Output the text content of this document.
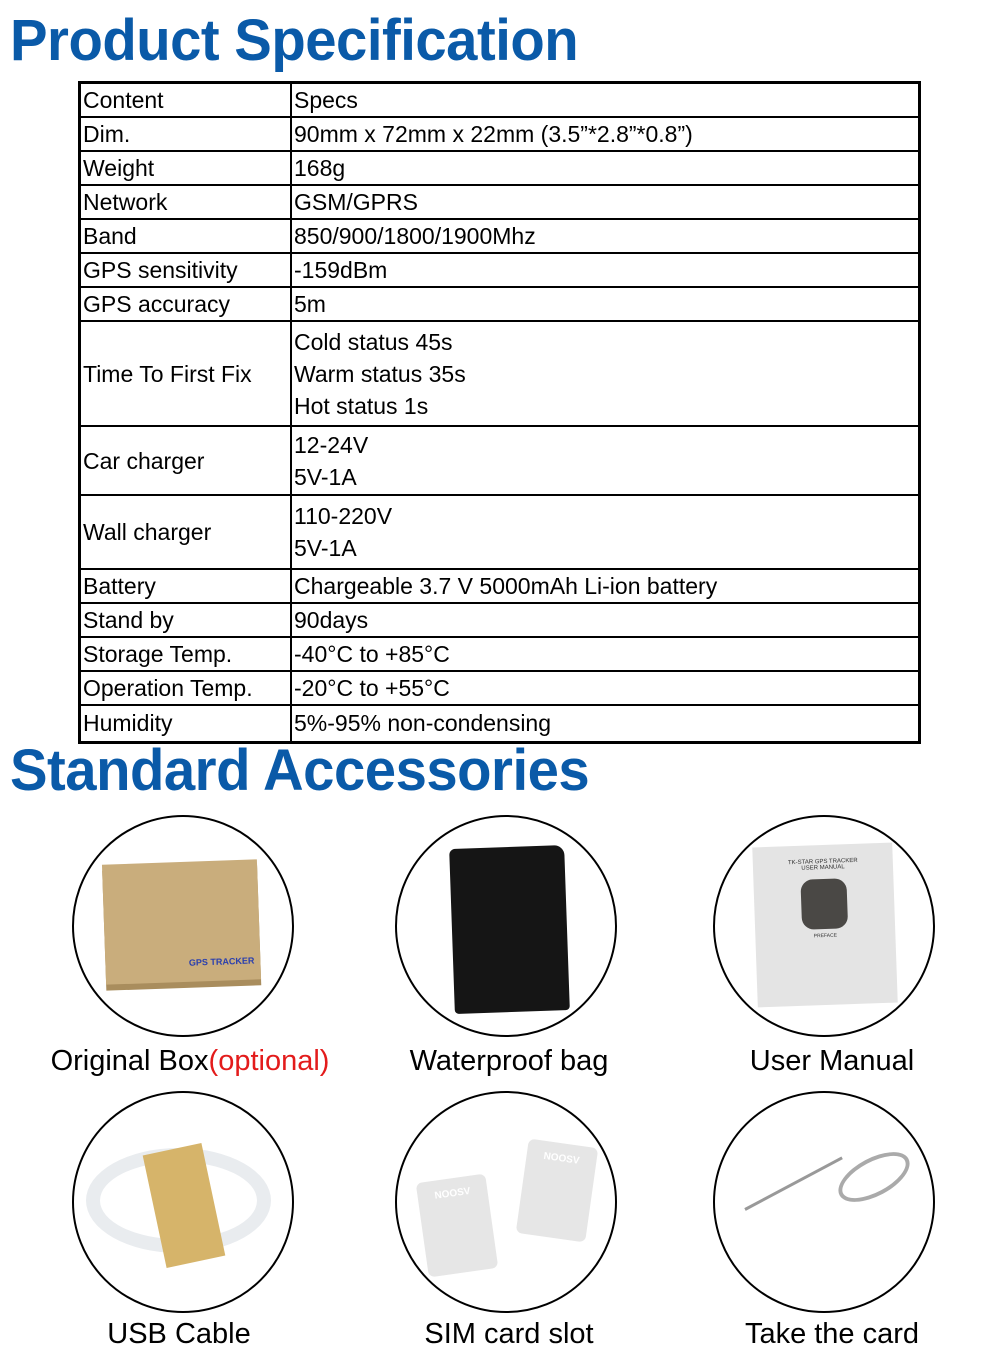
Product Specification
Content	Specs

Dim.	90mm x 72mm x 22mm (3.5”*2.8”*0.8”)

Weight	168g

Network	GSM/GPRS

Band	850/900/1800/1900Mhz

GPS sensitivity	-159dBm

GPS accuracy	5m

Time To First Fix	Cold status 45s
Warm status 35s
Hot status 1s

Car charger	12-24V
5V-1A

Wall charger	110-220V
5V-1A

Battery	Chargeable 3.7 V 5000mAh Li-ion battery

Stand by	90days

Storage Temp.	-40°C to +85°C

Operation Temp.	-20°C to +55°C

Humidity	5%-95% non-condensing
Standard Accessories
GPS TRACKER
TK-STAR GPS TRACKER USER MANUAL
PREFACE
Original Box(optional)	Waterproof bag	User Manual
NOOSV
NOOSV
USB Cable	SIM card slot	Take the card
